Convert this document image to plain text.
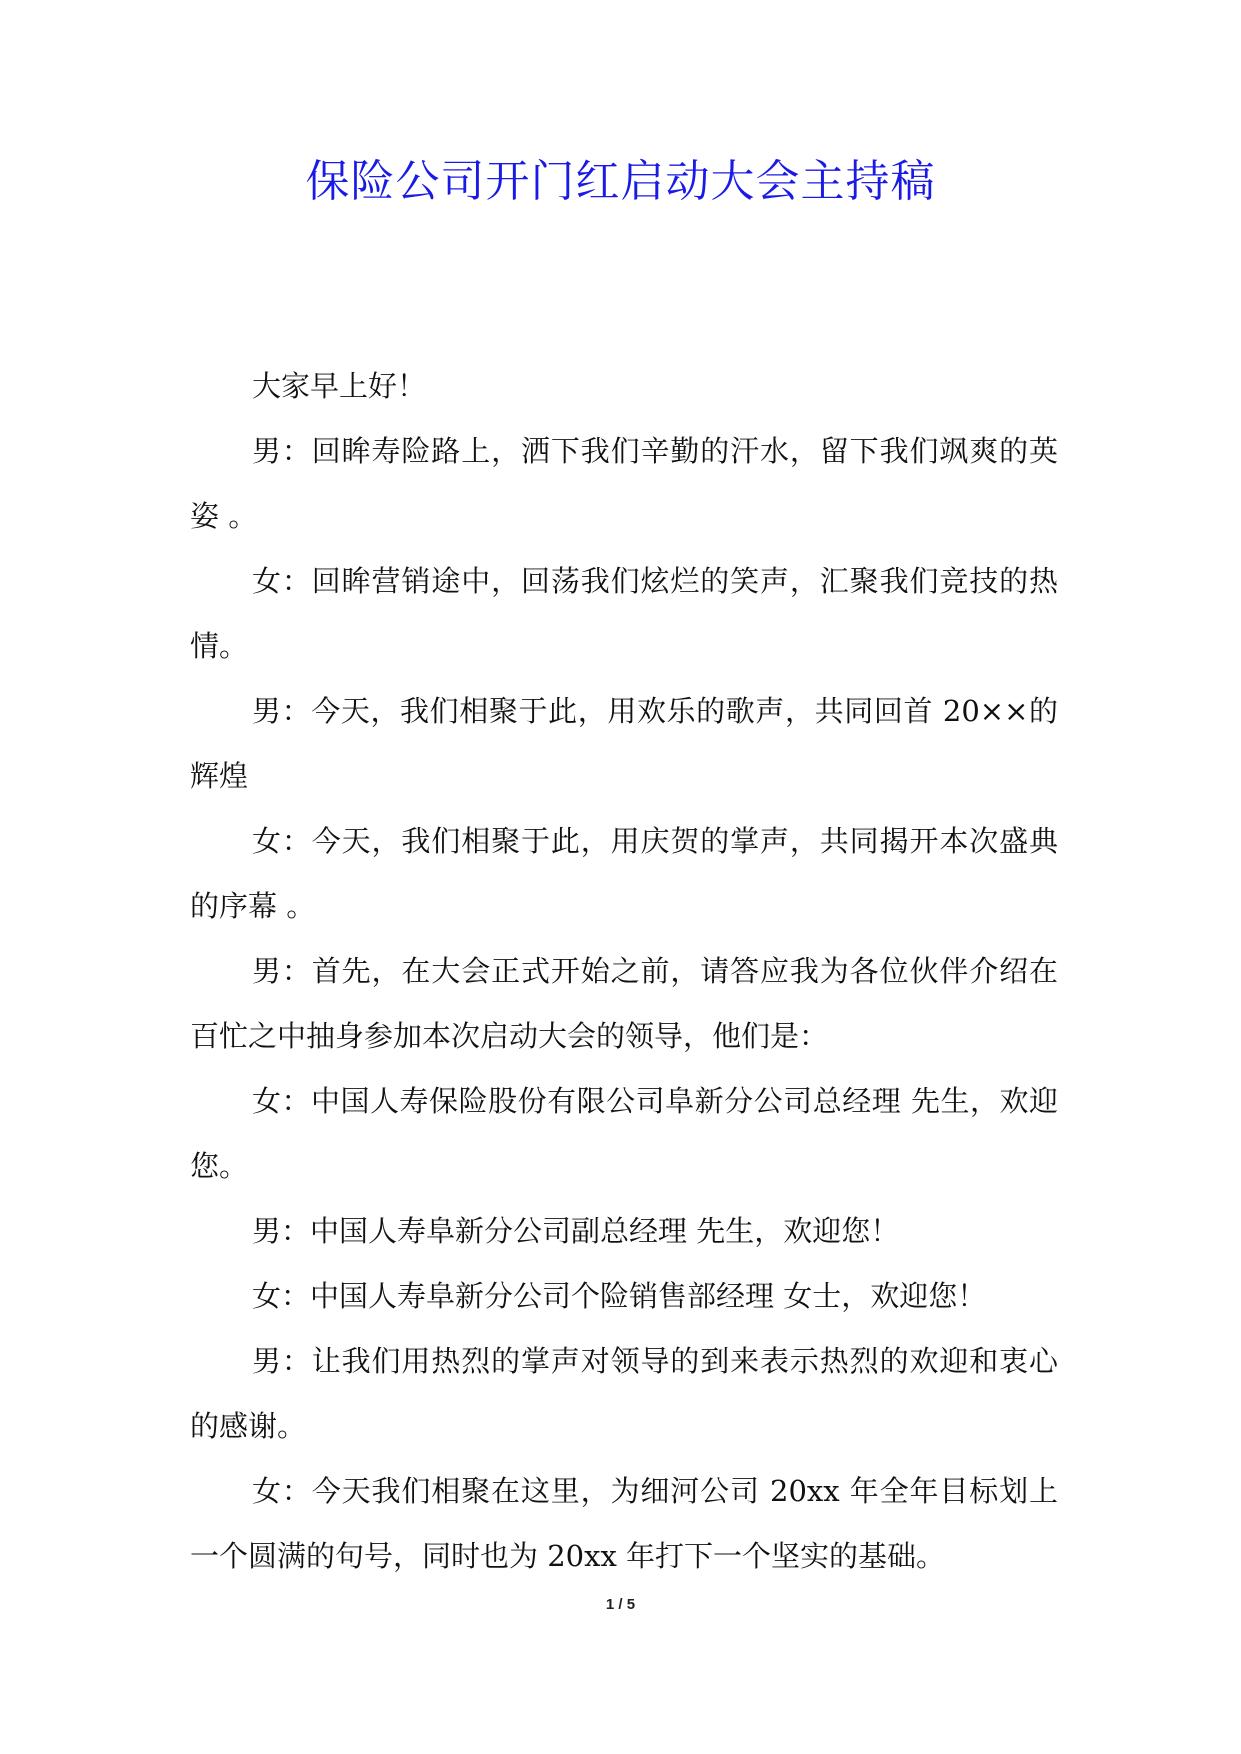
保险公司开门红启动大会主持稿

大家早上好！

男：回眸寿险路上，洒下我们辛勤的汗水，留下我们飒爽的英姿 。

女：回眸营销途中，回荡我们炫烂的笑声，汇聚我们竞技的热情。

男：今天，我们相聚于此，用欢乐的歌声，共同回首 20××的辉煌

女：今天，我们相聚于此，用庆贺的掌声，共同揭开本次盛典的序幕 。

男：首先，在大会正式开始之前，请答应我为各位伙伴介绍在百忙之中抽身参加本次启动大会的领导，他们是：

女：中国人寿保险股份有限公司阜新分公司总经理 先生，欢迎您。

男：中国人寿阜新分公司副总经理 先生，欢迎您！

女：中国人寿阜新分公司个险销售部经理 女士，欢迎您！

男：让我们用热烈的掌声对领导的到来表示热烈的欢迎和衷心的感谢。

女：今天我们相聚在这里，为细河公司 20xx 年全年目标划上一个圆满的句号，同时也为 20xx 年打下一个坚实的基础。

1 / 5
